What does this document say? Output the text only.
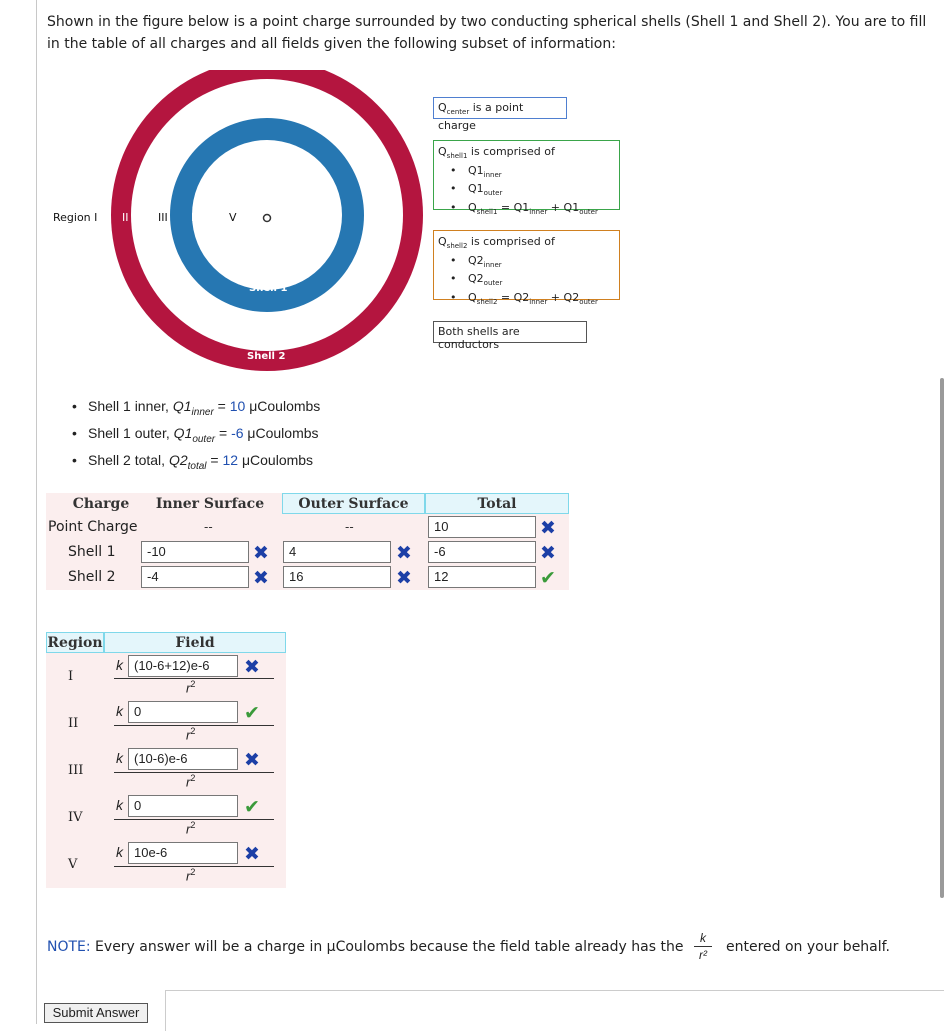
Shown in the figure below is a point charge surrounded by two conducting spherical shells (Shell 1 and Shell 2). You are to fill in the table of all charges and all fields given the following subset of information:
Region I II	III IV V
Shell 1
Shell 2
$Q_{center}$ is a point charge
$Q_{shell1}$ is comprised of
• $Q1_{inner}$
• $Q1_{outer}$
• $Q_{shell1} = Q1_{inner} + Q1_{outer}$
$Q_{shell2}$ is comprised of
• $Q2_{inner}$
• $Q2_{outer}$
• $Q_{shell2} = Q2_{inner} + Q2_{outer}$
Both shells are conductors
• Shell 1 inner, $Q1_{inner} = 10$ μCoulombs
• Shell 1 outer, $Q1_{outer} = -6$ μCoulombs
• Shell 2 total, $Q2_{total} = 12$ μCoulombs
Charge	Inner Surface	Outer Surface	Total
Point Charge	--	--	10	✖
Shell 1	-10	✖	4	✖	-6	✖
Shell 2	-4	✖	16	✖	12	✔
Region	Field
I
k (10-6+12)e-6	✖
$r^2$
II
k 0	✔
$r^2$
III
k (10-6)e-6	✖
$r^2$
IV
k 0	✔
$r^2$
V
k 10e-6	✖
$r^2$
NOTE: Every answer will be a charge in μCoulombs because the field table already has the
k
r²	entered on your behalf.
Submit Answer
